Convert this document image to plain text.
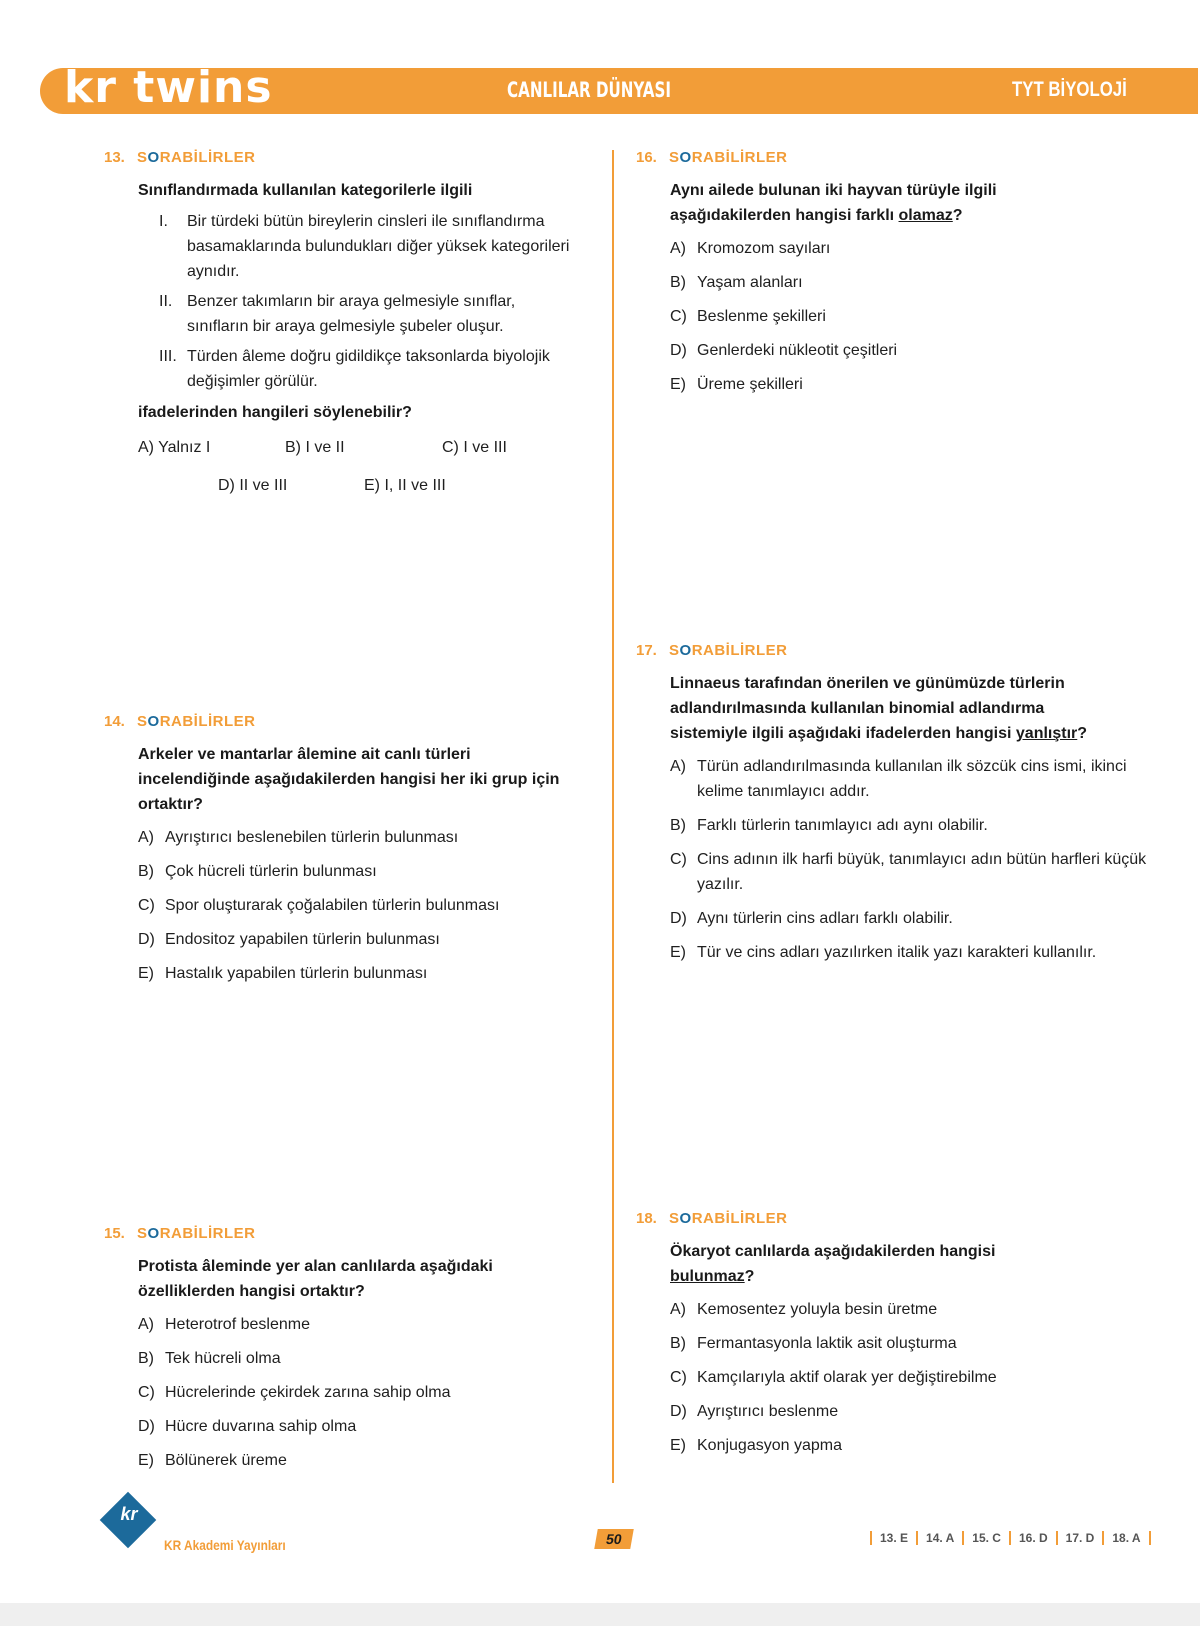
kr twins	CANLILAR DÜNYASI	TYT BİYOLOJİ
13. SORABİLİRLER
Sınıflandırmada kullanılan kategorilerle ilgili
I.	Bir türdeki bütün bireylerin cinsleri ile sınıflandırma basamaklarında bulundukları diğer yüksek kategorileri aynıdır.
II. Benzer takımların bir araya gelmesiyle sınıflar, sınıfların bir araya gelmesiyle şubeler oluşur.
III. Türden âleme doğru gidildikçe taksonlarda biyolojik değişimler görülür.
ifadelerinden hangileri söylenebilir?
A) Yalnız I	B) I ve II	C) I ve III
D) II ve III	E) I, II ve III
14. SORABİLİRLER
Arkeler ve mantarlar âlemine ait canlı türleri incelendiğinde aşağıdakilerden hangisi her iki grup için ortaktır?
A) Ayrıştırıcı beslenebilen türlerin bulunması
B) Çok hücreli türlerin bulunması
C) Spor oluşturarak çoğalabilen türlerin bulunması
D) Endositoz yapabilen türlerin bulunması
E) Hastalık yapabilen türlerin bulunması
15. SORABİLİRLER
Protista âleminde yer alan canlılarda aşağıdaki özelliklerden hangisi ortaktır?
A) Heterotrof beslenme
B) Tek hücreli olma
C) Hücrelerinde çekirdek zarına sahip olma
D) Hücre duvarına sahip olma
E) Bölünerek üreme
16. SORABİLİRLER
Aynı ailede bulunan iki hayvan türüyle ilgili aşağıdakilerden hangisi farklı olamaz?
A) Kromozom sayıları
B) Yaşam alanları
C) Beslenme şekilleri
D) Genlerdeki nükleotit çeşitleri
E) Üreme şekilleri
17. SORABİLİRLER
Linnaeus tarafından önerilen ve günümüzde türlerin adlandırılmasında kullanılan binomial adlandırma sistemiyle ilgili aşağıdaki ifadelerden hangisi yanlıştır?
A) Türün adlandırılmasında kullanılan ilk sözcük cins ismi, ikinci kelime tanımlayıcı addır.
B) Farklı türlerin tanımlayıcı adı aynı olabilir.
C) Cins adının ilk harfi büyük, tanımlayıcı adın bütün harfleri küçük yazılır.
D) Aynı türlerin cins adları farklı olabilir.
E) Tür ve cins adları yazılırken italik yazı karakteri kullanılır.
18. SORABİLİRLER
Ökaryot canlılarda aşağıdakilerden hangisi bulunmaz?
A) Kemosentez yoluyla besin üretme
B) Fermantasyonla laktik asit oluşturma
C) Kamçılarıyla aktif olarak yer değiştirebilme
D) Ayrıştırıcı beslenme
E) Konjugasyon yapma
kr
KR Akademi Yayınları	50	13. E	14. A	15. C	16. D	17. D	18. A
